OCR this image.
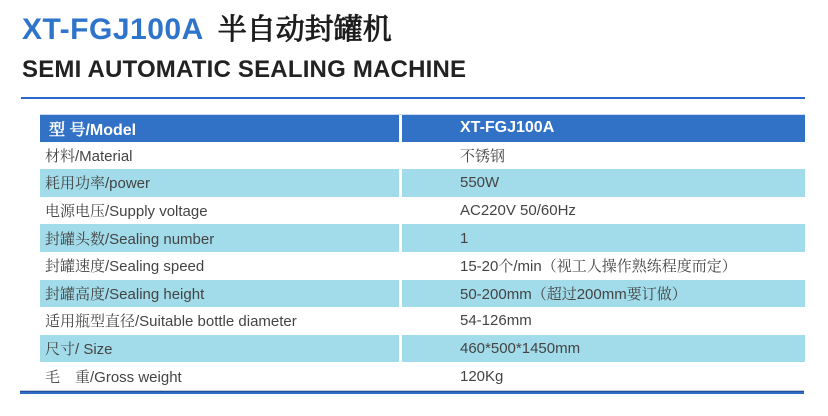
XT-FGJ100A 半自动封罐机
SEMI AUTOMATIC SEALING MACHINE
型 号/Model	XT-FGJ100A
材料/Material	不锈钢
耗用功率/power	550W
电源电压/Supply voltage	AC220V 50/60Hz
封罐头数/Sealing number	1
封罐速度/Sealing speed	15-20个/min（视工人操作熟练程度而定）
封罐高度/Sealing height	50-200mm（超过200mm要订做）
适用瓶型直径/Suitable bottle diameter	54-126mm
尺寸/ Size	460*500*1450mm
毛　重/Gross weight	120Kg
